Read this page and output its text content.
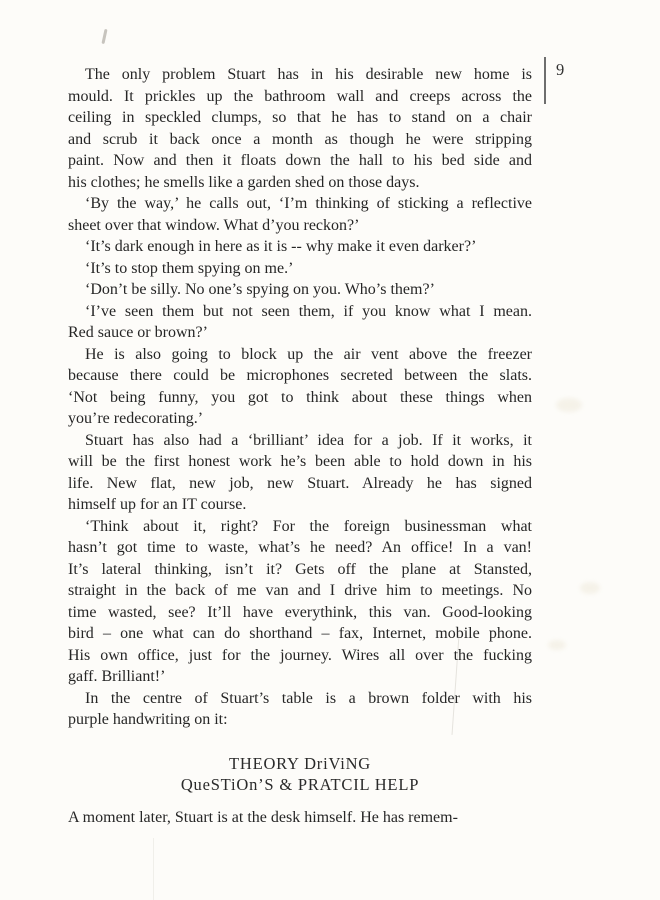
9
The only problem Stuart has in his desirable new home is
mould. It prickles up the bathroom wall and creeps across the
ceiling in speckled clumps, so that he has to stand on a chair
and scrub it back once a month as though he were stripping
paint. Now and then it floats down the hall to his bed side and
his clothes; he smells like a garden shed on those days.
‘By the way,’ he calls out, ‘I’m thinking of sticking a reflective
sheet over that window. What d’you reckon?’
‘It’s dark enough in here as it is -- why make it even darker?’
‘It’s to stop them spying on me.’
‘Don’t be silly. No one’s spying on you. Who’s them?’
‘I’ve seen them but not seen them, if you know what I mean.
Red sauce or brown?’
He is also going to block up the air vent above the freezer
because there could be microphones secreted between the slats.
‘Not being funny, you got to think about these things when
you’re redecorating.’
Stuart has also had a ‘brilliant’ idea for a job. If it works, it
will be the first honest work he’s been able to hold down in his
life. New flat, new job, new Stuart. Already he has signed
himself up for an IT course.
‘Think about it, right? For the foreign businessman what
hasn’t got time to waste, what’s he need? An office! In a van!
It’s lateral thinking, isn’t it? Gets off the plane at Stansted,
straight in the back of me van and I drive him to meetings. No
time wasted, see? It’ll have everythink, this van. Good-looking
bird – one what can do shorthand – fax, Internet, mobile phone.
His own office, just for the journey. Wires all over the fucking
gaff. Brilliant!’
In the centre of Stuart’s table is a brown folder with his
purple handwriting on it:
THEORY DriViNG
QueSTiOn’S & PRATCIL HELP
A moment later, Stuart is at the desk himself. He has remem-
